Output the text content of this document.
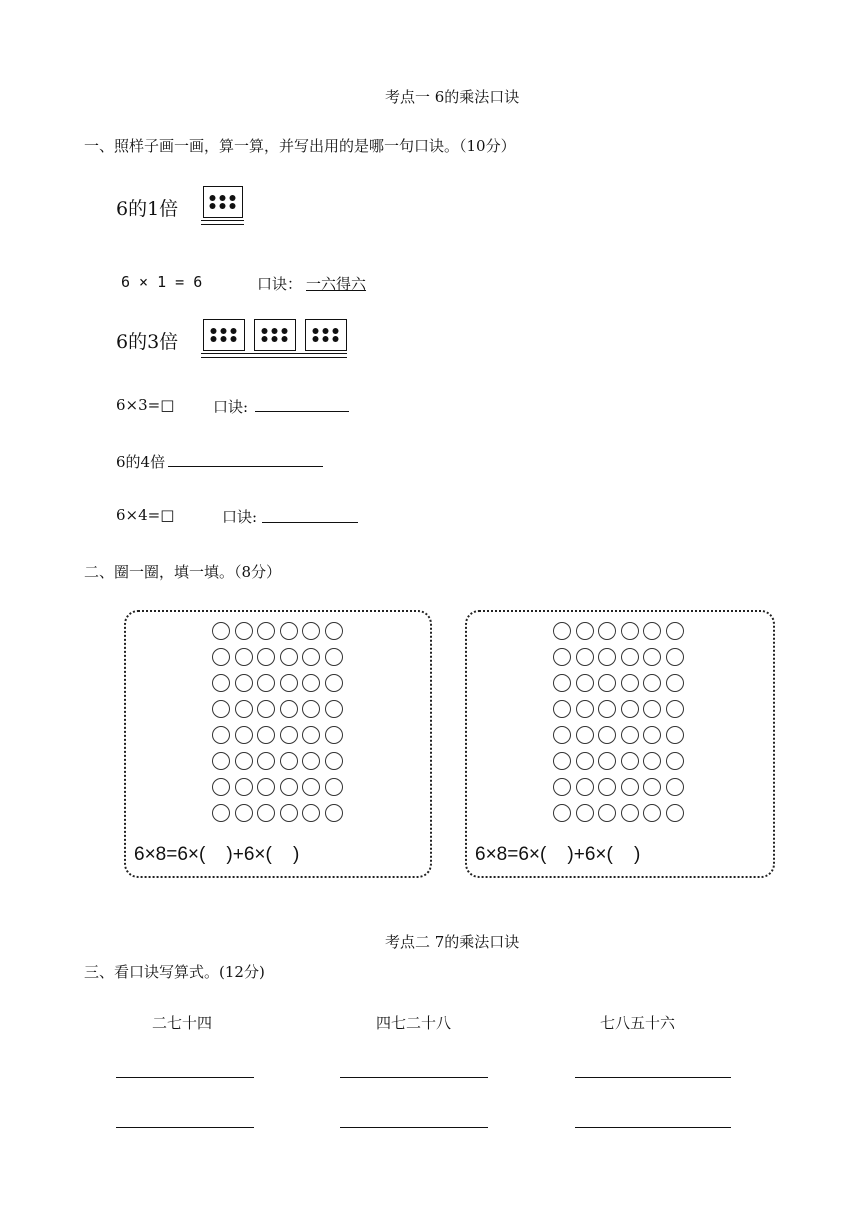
考点一 6的乘法口诀
一、照样子画一画，算一算，并写出用的是哪一句口诀。（10分）
6的1倍
6 × 1 = 6	口诀： 一六得六
6的3倍
6×3=□	口诀:
6的4倍
6×4=□	口诀:
二、圈一圈，填一填。（8分）
6×8=6×(    )+6×(    )	6×8=6×(    )+6×(    )
考点二 7的乘法口诀
三、看口诀写算式。(12分)
二七十四	四七二十八	七八五十六
